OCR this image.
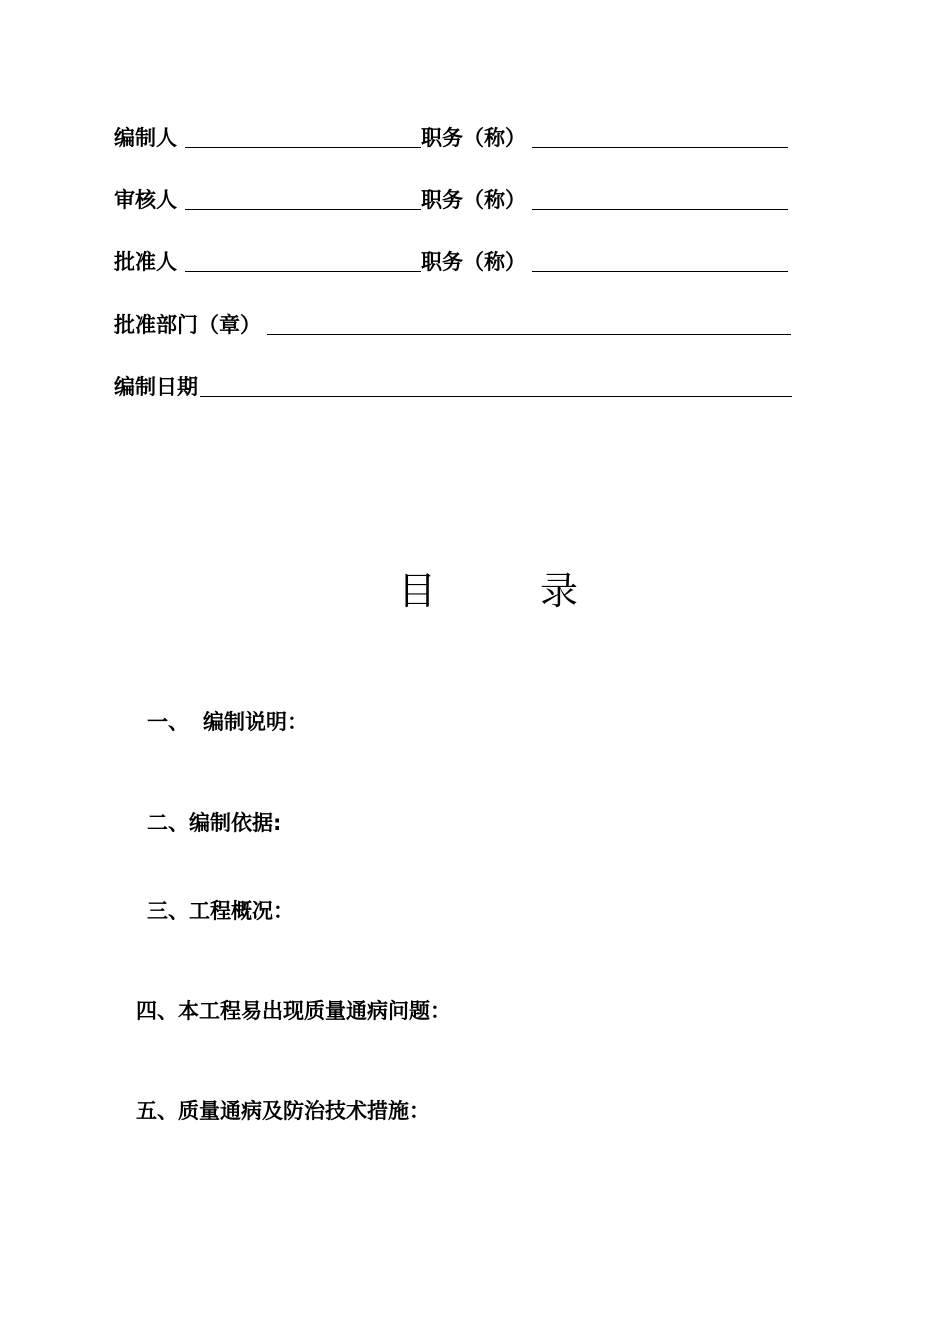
编制人	职务（称）
审核人	职务（称）
批准人	职务（称）
批准部门（章）
编制日期
目	录
一、 编制说明：
二、编制依据:
三、工程概况：
四、本工程易出现质量通病问题：
五、质量通病及防治技术措施：
